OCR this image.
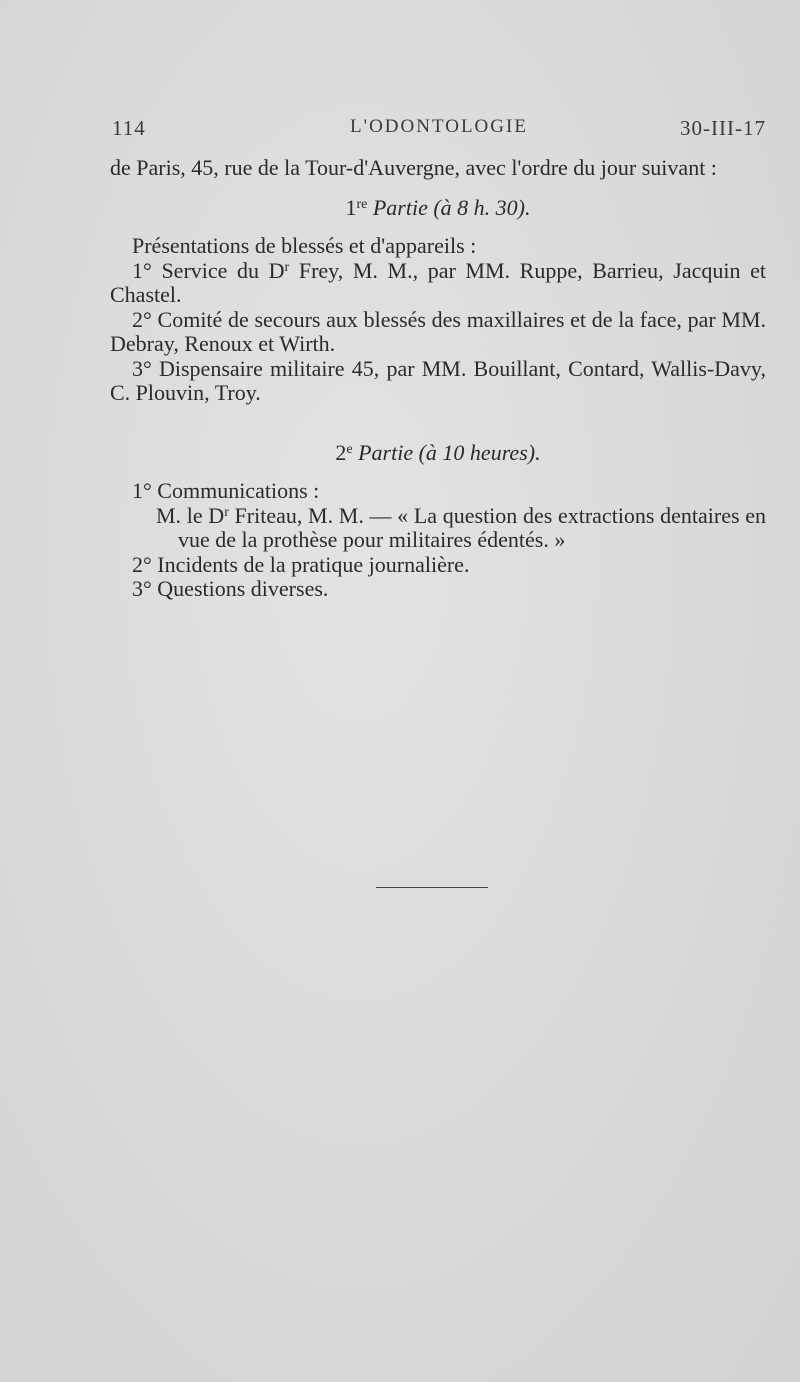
114	L'ODONTOLOGIE	30-III-17

de Paris, 45, rue de la Tour-d'Auvergne, avec l'ordre du jour suivant :

1re Partie (à 8 h. 30).

Présentations de blessés et d'appareils :

1° Service du $D^r$ Frey, M. M., par MM. Ruppe, Barrieu, Jacquin et Chastel.

2° Comité de secours aux blessés des maxillaires et de la face, par MM. Debray, Renoux et Wirth.

3° Dispensaire militaire 45, par MM. Bouillant, Contard, Wallis-Davy, C. Plouvin, Troy.

2e Partie (à 10 heures).

1° Communications :

M. le $D^r$ Friteau, M. M. — « La question des extractions dentaires en vue de la prothèse pour militaires édentés. »

2° Incidents de la pratique journalière.

3° Questions diverses.
